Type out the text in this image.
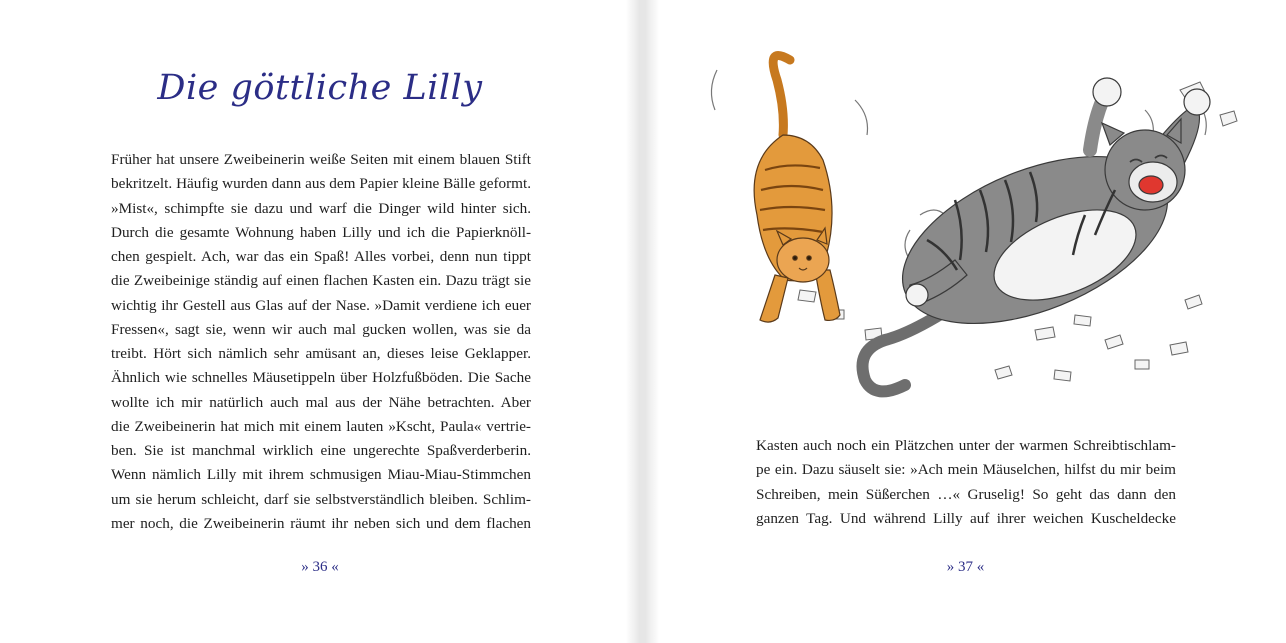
Die göttliche Lilly
Früher hat unsere Zweibeinerin weiße Seiten mit einem blauen Stift
bekritzelt. Häufig wurden dann aus dem Papier kleine Bälle geformt.
»Mist«, schimpfte sie dazu und warf die Dinger wild hinter sich.
Durch die gesamte Wohnung haben Lilly und ich die Papierknöll-
chen gespielt. Ach, war das ein Spaß! Alles vorbei, denn nun tippt
die Zweibeinige ständig auf einen flachen Kasten ein. Dazu trägt sie
wichtig ihr Gestell aus Glas auf der Nase. »Damit verdiene ich euer
Fressen«, sagt sie, wenn wir auch mal gucken wollen, was sie da
treibt. Hört sich nämlich sehr amüsant an, dieses leise Geklapper.
Ähnlich wie schnelles Mäusetippeln über Holzfußböden. Die Sache
wollte ich mir natürlich auch mal aus der Nähe betrachten. Aber
die Zweibeinerin hat mich mit einem lauten »Kscht, Paula« vertrie-
ben. Sie ist manchmal wirklich eine ungerechte Spaßverderberin.
Wenn nämlich Lilly mit ihrem schmusigen Miau-Miau-Stimmchen
um sie herum schleicht, darf sie selbstverständlich bleiben. Schlim-
mer noch, die Zweibeinerin räumt ihr neben sich und dem flachen
» 36 «
Kasten auch noch ein Plätzchen unter der warmen Schreibtischlam-
pe ein. Dazu säuselt sie: »Ach mein Mäuselchen, hilfst du mir beim
Schreiben, mein Süßerchen …« Gruselig! So geht das dann den
ganzen Tag. Und während Lilly auf ihrer weichen Kuscheldecke
» 37 «
